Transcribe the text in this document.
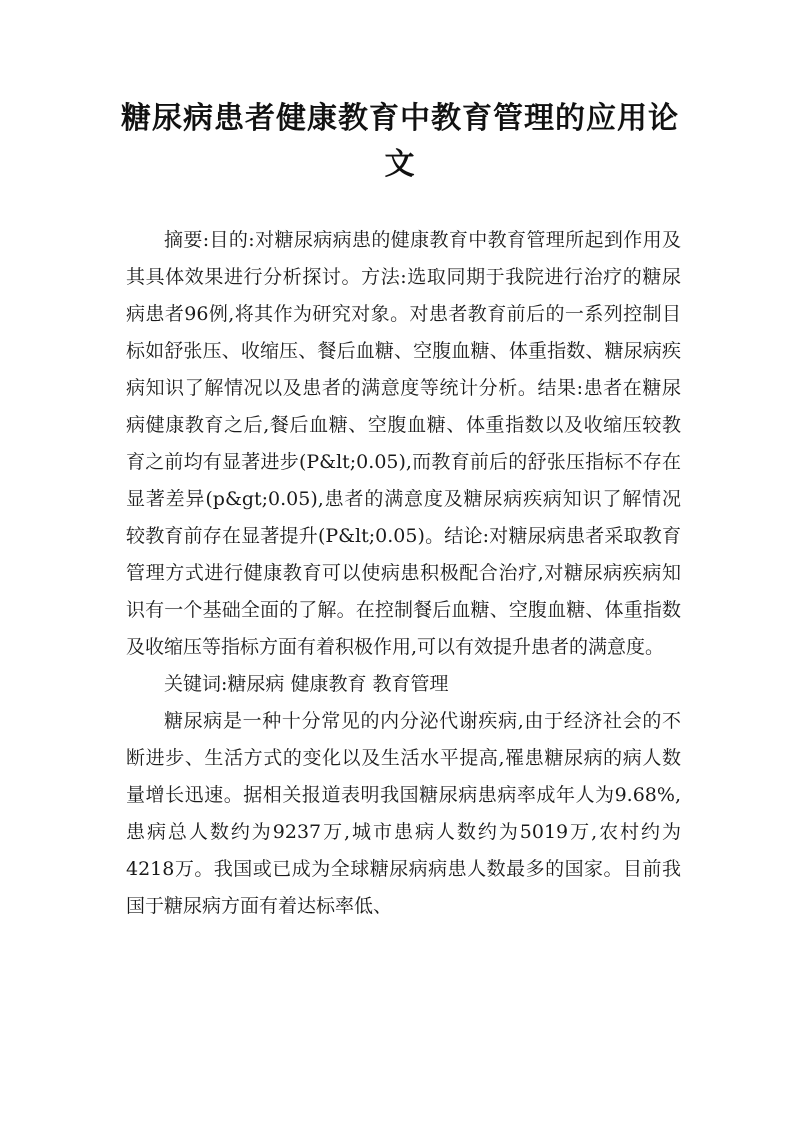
糖尿病患者健康教育中教育管理的应用论文

摘要:目的:对糖尿病病患的健康教育中教育管理所起到作用及其具体效果进行分析探讨。方法:选取同期于我院进行治疗的糖尿病患者96例,将其作为研究对象。对患者教育前后的一系列控制目标如舒张压、收缩压、餐后血糖、空腹血糖、体重指数、糖尿病疾病知识了解情况以及患者的满意度等统计分析。结果:患者在糖尿病健康教育之后,餐后血糖、空腹血糖、体重指数以及收缩压较教育之前均有显著进步(P&lt;0.05),而教育前后的舒张压指标不存在显著差异(p&gt;0.05),患者的满意度及糖尿病疾病知识了解情况较教育前存在显著提升(P&lt;0.05)。结论:对糖尿病患者采取教育管理方式进行健康教育可以使病患积极配合治疗,对糖尿病疾病知识有一个基础全面的了解。在控制餐后血糖、空腹血糖、体重指数及收缩压等指标方面有着积极作用,可以有效提升患者的满意度。

关键词:糖尿病 健康教育 教育管理

糖尿病是一种十分常见的内分泌代谢疾病,由于经济社会的不断进步、生活方式的变化以及生活水平提高,罹患糖尿病的病人数量增长迅速。据相关报道表明我国糖尿病患病率成年人为9.68%,患病总人数约为9237万,城市患病人数约为5019万,农村约为4218万。我国或已成为全球糖尿病病患人数最多的国家。目前我国于糖尿病方面有着达标率低、
